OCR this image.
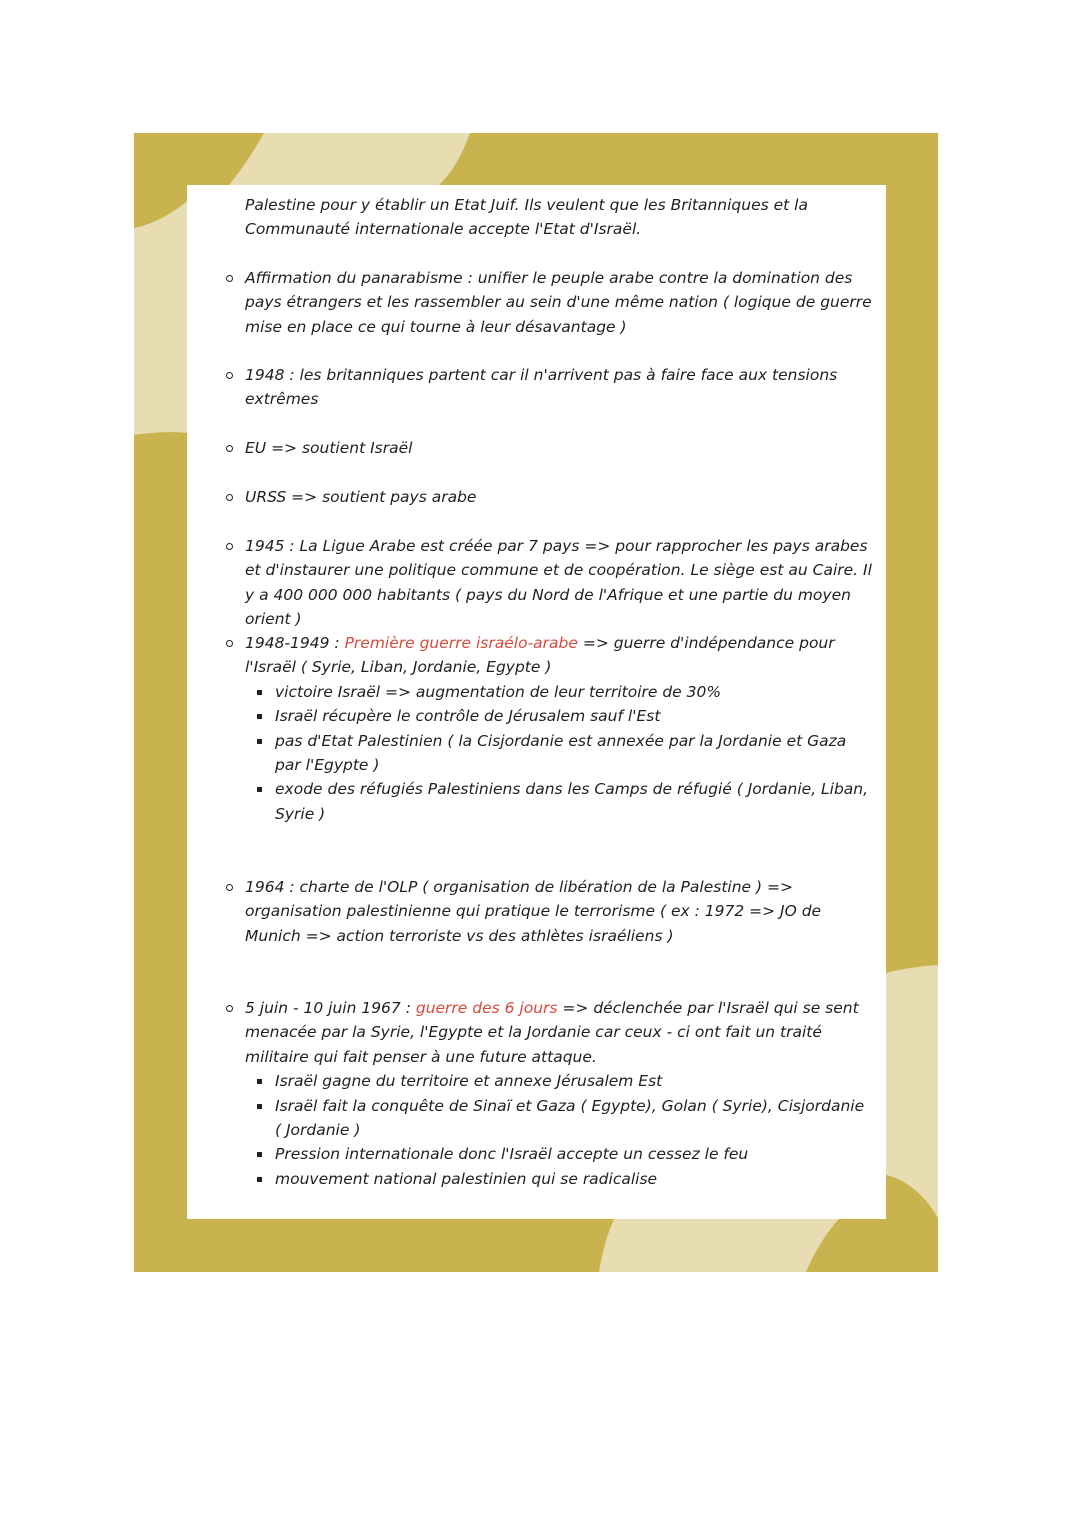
Palestine pour y établir un Etat Juif. Ils veulent que les Britanniques et la Communauté internationale accepte l'Etat d'Israël.

Affirmation du panarabisme : unifier le peuple arabe contre la domination des pays étrangers et les rassembler au sein d'une même nation ( logique de guerre mise en place ce qui tourne à leur désavantage )
1948 : les britanniques partent car il n'arrivent pas à faire face aux tensions extrêmes
EU => soutient Israël
URSS => soutient pays arabe
1945 : La Ligue Arabe est créée par 7 pays => pour rapprocher les pays arabes et d'instaurer une politique commune et de coopération. Le siège est au Caire. Il y a 400 000 000 habitants ( pays du Nord de l'Afrique et une partie du moyen orient )
1948-1949 : Première guerre israélo-arabe => guerre d'indépendance pour l'Israël ( Syrie, Liban, Jordanie, Egypte )
victoire Israël => augmentation de leur territoire de 30%
Israël récupère le contrôle de Jérusalem sauf l'Est
pas d'Etat Palestinien ( la Cisjordanie est annexée par la Jordanie et Gaza par l'Egypte )
exode des réfugiés Palestiniens dans les Camps de réfugié ( Jordanie, Liban, Syrie )
1964 : charte de l'OLP ( organisation de libération de la Palestine ) => organisation palestinienne qui pratique le terrorisme ( ex : 1972 => JO de Munich => action terroriste vs des athlètes israéliens )
5 juin - 10 juin 1967 : guerre des 6 jours => déclenchée par l'Israël qui se sent menacée par la Syrie, l'Egypte et la Jordanie car ceux - ci ont fait un traité militaire qui fait penser à une future attaque.
Israël gagne du territoire et annexe Jérusalem Est
Israël fait la conquête de Sinaï et Gaza ( Egypte), Golan ( Syrie), Cisjordanie ( Jordanie )
Pression internationale donc l'Israël accepte un cessez le feu
mouvement national palestinien qui se radicalise
